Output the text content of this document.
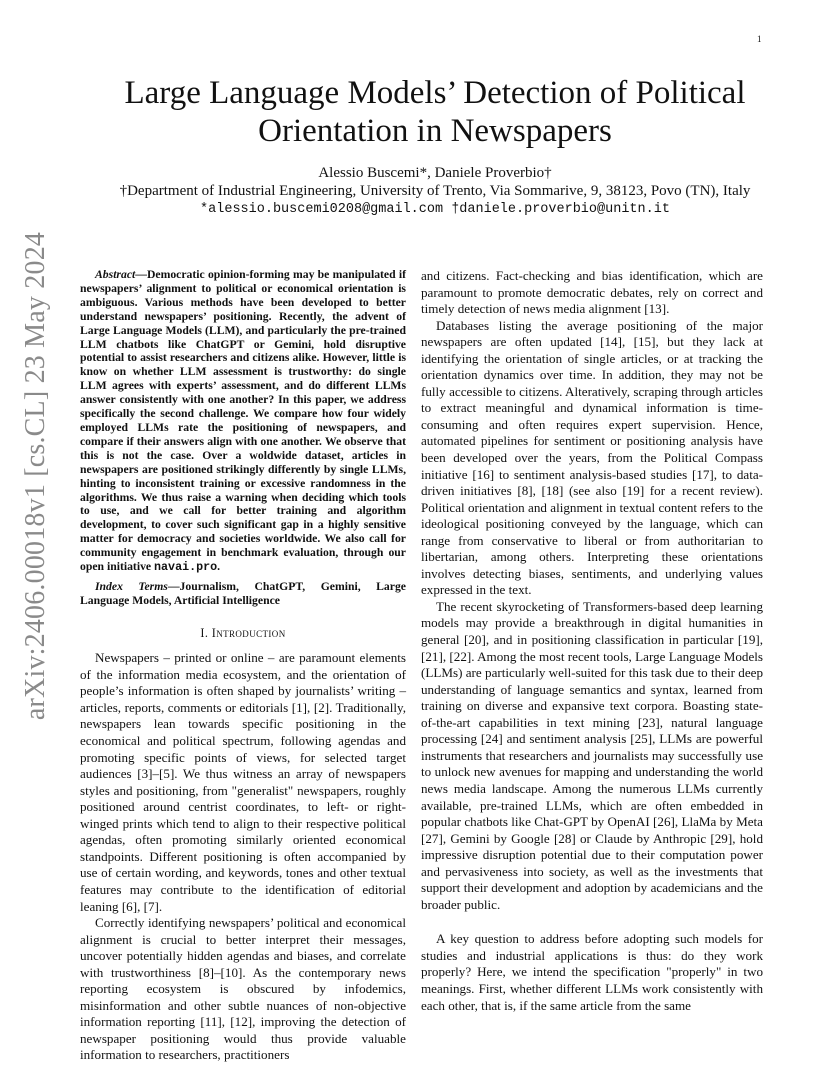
1
arXiv:2406.00018v1 [cs.CL] 23 May 2024
Large Language Models’ Detection of Political Orientation in Newspapers
Alessio Buscemi*, Daniele Proverbio†
†Department of Industrial Engineering, University of Trento, Via Sommarive, 9, 38123, Povo (TN), Italy
*alessio.buscemi0208@gmail.com †daniele.proverbio@unitn.it

Abstract—Democratic opinion-forming may be manipulated if newspapers’ alignment to political or economical orientation is ambiguous. Various methods have been developed to better understand newspapers’ positioning. Recently, the advent of Large Language Models (LLM), and particularly the pre-trained LLM chatbots like ChatGPT or Gemini, hold disruptive potential to assist researchers and citizens alike. However, little is know on whether LLM assessment is trustworthy: do single LLM agrees with experts’ assessment, and do different LLMs answer consistently with one another? In this paper, we address specifically the second challenge. We compare how four widely employed LLMs rate the positioning of newspapers, and compare if their answers align with one another. We observe that this is not the case. Over a woldwide dataset, articles in newspapers are positioned strikingly differently by single LLMs, hinting to inconsistent training or excessive randomness in the algorithms. We thus raise a warning when deciding which tools to use, and we call for better training and algorithm development, to cover such significant gap in a highly sensitive matter for democracy and societies worldwide. We also call for community engagement in benchmark evaluation, through our open initiative navai.pro.

Index Terms—Journalism, ChatGPT, Gemini, Large Language Models, Artificial Intelligence

I. Introduction

Newspapers – printed or online – are paramount elements of the information media ecosystem, and the orientation of people’s information is often shaped by journalists’ writing – articles, reports, comments or editorials [1], [2]. Traditionally, newspapers lean towards specific positioning in the economical and political spectrum, following agendas and promoting specific points of views, for selected target audiences [3]–[5]. We thus witness an array of newspapers styles and positioning, from "generalist" newspapers, roughly positioned around centrist coordinates, to left- or right-winged prints which tend to align to their respective political agendas, often promoting similarly oriented economical standpoints. Different positioning is often accompanied by use of certain wording, and keywords, tones and other textual features may contribute to the identification of editorial leaning [6], [7].

Correctly identifying newspapers’ political and economical alignment is crucial to better interpret their messages, uncover potentially hidden agendas and biases, and correlate with trustworthiness [8]–[10]. As the contemporary news reporting ecosystem is obscured by infodemics, misinformation and other subtle nuances of non-objective information reporting [11], [12], improving the detection of newspaper positioning would thus provide valuable information to researchers, practitioners

and citizens. Fact-checking and bias identification, which are paramount to promote democratic debates, rely on correct and timely detection of news media alignment [13].

Databases listing the average positioning of the major newspapers are often updated [14], [15], but they lack at identifying the orientation of single articles, or at tracking the orientation dynamics over time. In addition, they may not be fully accessible to citizens. Alteratively, scraping through articles to extract meaningful and dynamical information is time-consuming and often requires expert supervision. Hence, automated pipelines for sentiment or positioning analysis have been developed over the years, from the Political Compass initiative [16] to sentiment analysis-based studies [17], to data-driven initiatives [8], [18] (see also [19] for a recent review). Political orientation and alignment in textual content refers to the ideological positioning conveyed by the language, which can range from conservative to liberal or from authoritarian to libertarian, among others. Interpreting these orientations involves detecting biases, sentiments, and underlying values expressed in the text.

The recent skyrocketing of Transformers-based deep learning models may provide a breakthrough in digital humanities in general [20], and in positioning classification in particular [19], [21], [22]. Among the most recent tools, Large Language Models (LLMs) are particularly well-suited for this task due to their deep understanding of language semantics and syntax, learned from training on diverse and expansive text corpora. Boasting state-of-the-art capabilities in text mining [23], natural language processing [24] and sentiment analysis [25], LLMs are powerful instruments that researchers and journalists may successfully use to unlock new avenues for mapping and understanding the world news media landscape. Among the numerous LLMs currently available, pre-trained LLMs, which are often embedded in popular chatbots like Chat-GPT by OpenAI [26], LlaMa by Meta [27], Gemini by Google [28] or Claude by Anthropic [29], hold impressive disruption potential due to their computation power and pervasiveness into society, as well as the investments that support their development and adoption by academicians and the broader public.

A key question to address before adopting such models for studies and industrial applications is thus: do they work properly? Here, we intend the specification "properly" in two meanings. First, whether different LLMs work consistently with each other, that is, if the same article from the same
